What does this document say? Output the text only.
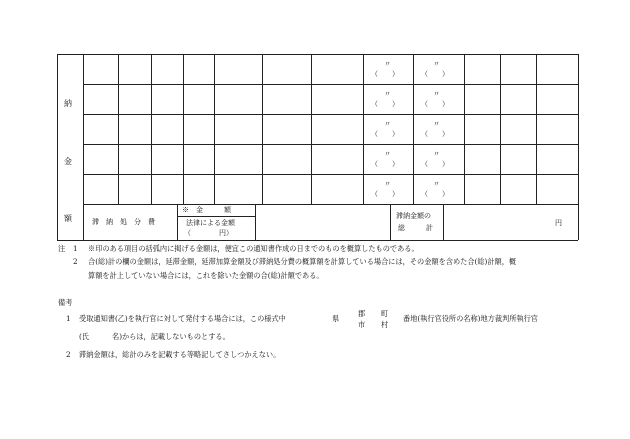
納
金
額
〃
（　　）
〃
（　　）
〃
（　　）
〃
（　　）
〃
（　　）
〃
（　　）
〃
（　　）
〃
（　　）
〃
（　　）
〃
（　　）
滞　納　処　分　費
※　金　　　額
法律による金額
（　　　　円）
滞納金額の
総　　　計
円
注 1 ※印のある項目の括弧内に掲げる金額は，便宜この通知書作成の日までのものを概算したものである。
2 合(総)計の欄の金額は，延滞金額，延滞加算金額及び滞納処分費の概算額を計算している場合には，その金額を含めた合(総)計額，概
算額を計上していない場合には，これを除いた金額の合(総)計額である。
備考
1 受取通知書(乙)を執行官に対して発付する場合には，この様式中	県
郡
市
町
村
番地(執行官役所の名称)地方裁判所執行官
(氏	名)からは，記載しないものとする。
2 滞納金額は，総計のみを記載する等略記してさしつかえない。
